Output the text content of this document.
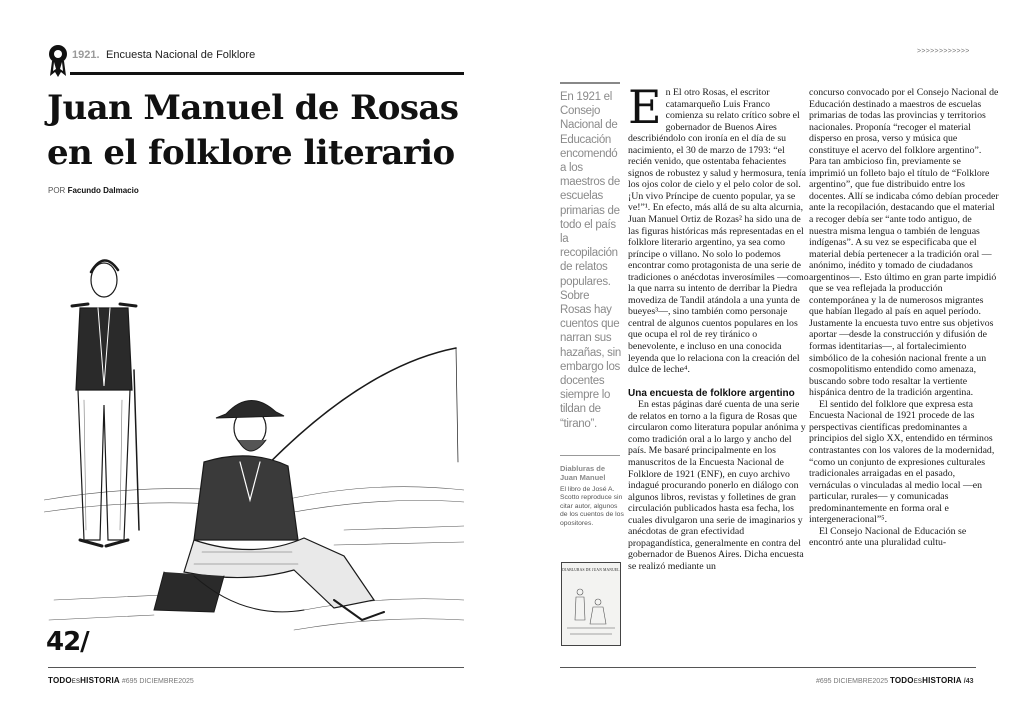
1921. Encuesta Nacional de Folklore
Juan Manuel de Rosas
en el folklore literario
POR Facundo Dalmacio
42/
TODOESHISTORIA #695 DICIEMBRE2025
>>>>>>>>>>>>

En 1921 el Consejo Nacional de Educación encomendó a los maestros de escuelas primarias de todo el país la recopilación de relatos populares. Sobre Rosas hay cuentos que narran sus hazañas, sin embargo los docentes siempre lo tildan de “tirano”.

Diabluras de Juan Manuel

El libro de José A. Scotto reproduce sin citar autor, algunos de los cuentos de los opositores.

DIABLURAS DE JUAN MANUEL

En El otro Rosas, el escritor catamarqueño Luis Franco comienza su relato crítico sobre el gobernador de Buenos Aires describiéndolo con ironía en el día de su nacimiento, el 30 de marzo de 1793: “el recién venido, que ostentaba fehacientes signos de robustez y salud y hermosura, tenía los ojos color de cielo y el pelo color de sol. ¡Un vivo Príncipe de cuento popular, ya se ve!”¹. En efecto, más allá de su alta alcurnia, Juan Manuel Ortiz de Rozas² ha sido una de las figuras históricas más representadas en el folklore literario argentino, ya sea como príncipe o villano. No solo lo podemos encontrar como protagonista de una serie de tradiciones o anécdotas inverosímiles —como la que narra su intento de derribar la Piedra movediza de Tandil atándola a una yunta de bueyes³—, sino también como personaje central de algunos cuentos populares en los que ocupa el rol de rey tiránico o benevolente, e incluso en una conocida leyenda que lo relaciona con la creación del dulce de leche⁴.

Una encuesta de folklore argentino

En estas páginas daré cuenta de una serie de relatos en torno a la figura de Rosas que circularon como literatura popular anónima y como tradición oral a lo largo y ancho del país. Me basaré principalmente en los manuscritos de la Encuesta Nacional de Folklore de 1921 (ENF), en cuyo archivo indagué procurando ponerlo en diálogo con algunos libros, revistas y folletines de gran circulación publicados hasta esa fecha, los cuales divulgaron una serie de imaginarios y anécdotas de gran efectividad propagandística, generalmente en contra del gobernador de Buenos Aires. Dicha encuesta se realizó mediante un

concurso convocado por el Consejo Nacional de Educación destinado a maestros de escuelas primarias de todas las provincias y territorios nacionales. Proponía “recoger el material disperso en prosa, verso y música que constituye el acervo del folklore argentino”. Para tan ambicioso fin, previamente se imprimió un folleto bajo el título de “Folklore argentino”, que fue distribuido entre los docentes. Allí se indicaba cómo debían proceder ante la recopilación, destacando que el material a recoger debía ser “ante todo antiguo, de nuestra misma lengua o también de lenguas indígenas”. A su vez se especificaba que el material debía pertenecer a la tradición oral —anónimo, inédito y tomado de ciudadanos argentinos—. Esto último en gran parte impidió que se vea reflejada la producción contemporánea y la de numerosos migrantes que habían llegado al país en aquel período. Justamente la encuesta tuvo entre sus objetivos aportar —desde la construcción y difusión de formas identitarias—, al fortalecimiento simbólico de la cohesión nacional frente a un cosmopolitismo entendido como amenaza, buscando sobre todo resaltar la vertiente hispánica dentro de la tradición argentina.

El sentido del folklore que expresa esta Encuesta Nacional de 1921 procede de las perspectivas científicas predominantes a principios del siglo XX, entendido en términos contrastantes con los valores de la modernidad, “como un conjunto de expresiones culturales tradicionales arraigadas en el pasado, vernáculas o vinculadas al medio local —en particular, rurales— y comunicadas predominantemente en forma oral e intergeneracional”⁵.

El Consejo Nacional de Educación se encontró ante una pluralidad cultu-

#695 DICIEMBRE2025 TODOESHISTORIA /43
